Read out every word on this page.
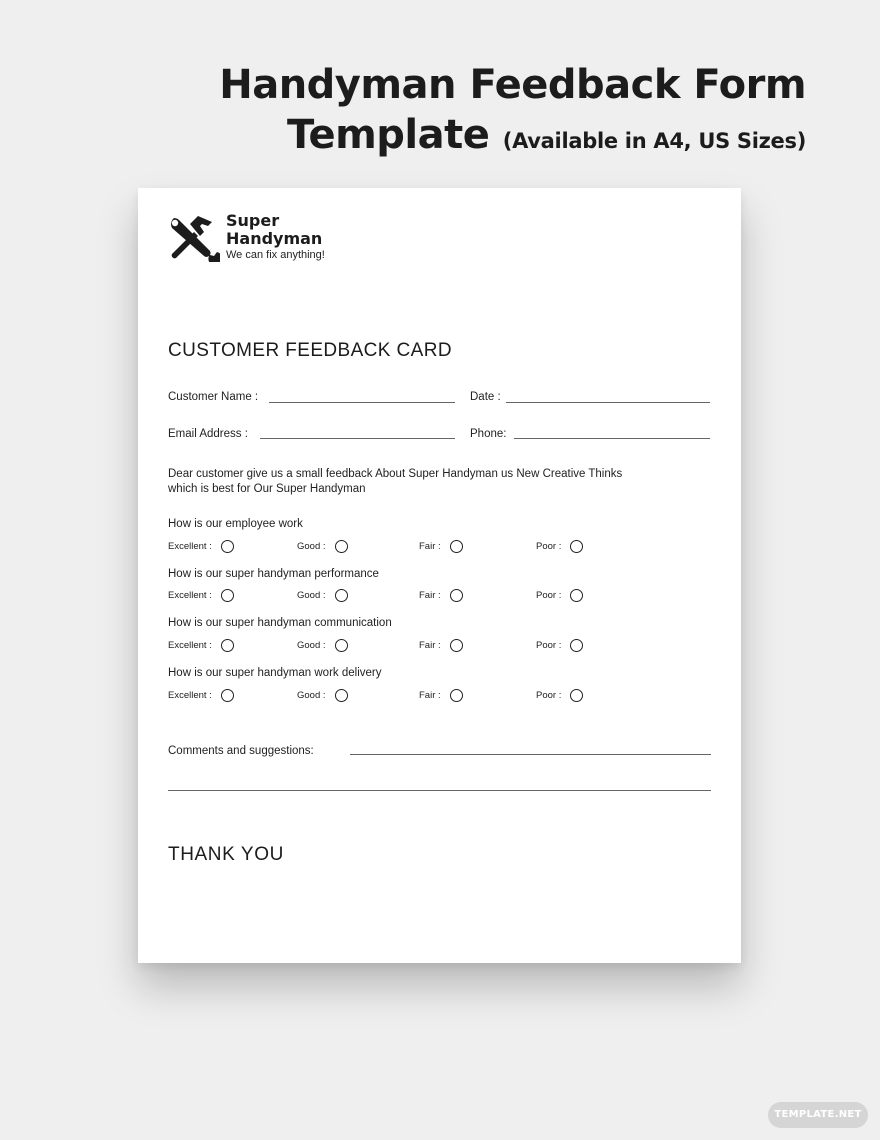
Handyman Feedback Form
Template (Available in A4, US Sizes)
Super
Handyman
We can fix anything!
CUSTOMER FEEDBACK CARD
Customer Name :	Date :
Email Address :	Phone:
Dear customer give us a small feedback About Super Handyman us New Creative Thinks
which is best for Our Super Handyman
How is our employee work
Excellent :	Good :	Fair :	Poor :
How is our super handyman performance
Excellent :	Good :	Fair :	Poor :
How is our super handyman communication
Excellent :	Good :	Fair :	Poor :
How is our super handyman work delivery
Excellent :	Good :	Fair :	Poor :
Comments and suggestions:
THANK YOU
TEMPLATE.NET
